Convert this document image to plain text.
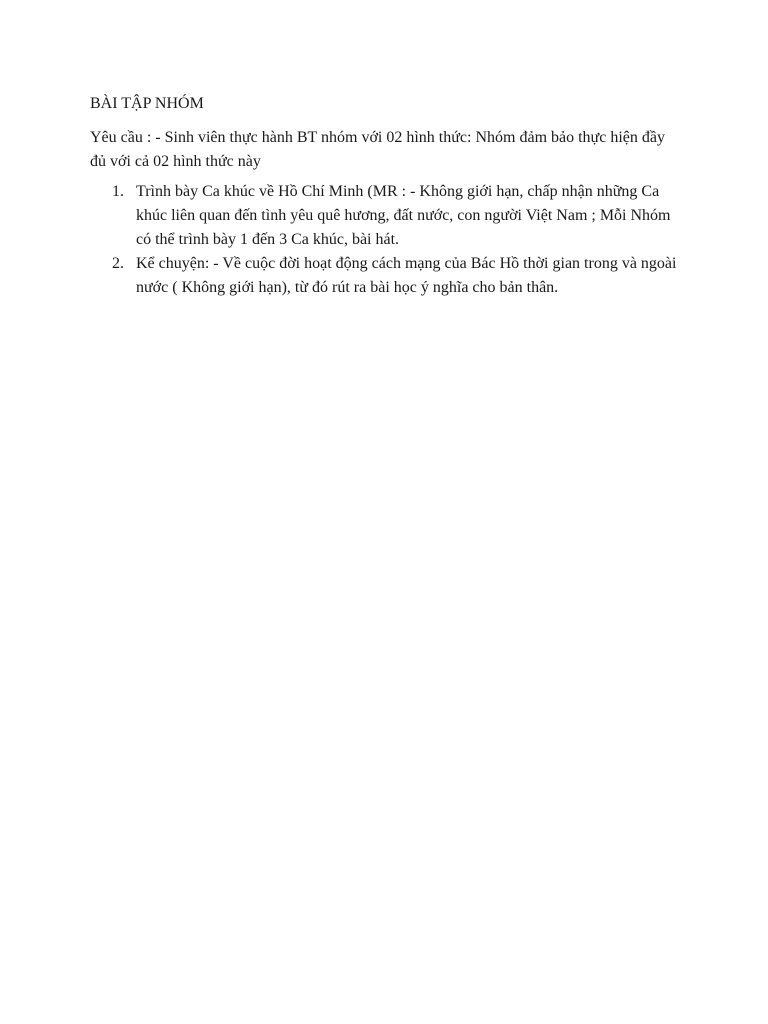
BÀI TẬP NHÓM

Yêu cầu : - Sinh viên thực hành BT nhóm với 02 hình thức: Nhóm đảm bảo thực hiện đầy đủ với cả 02 hình thức này

1. Trình bày Ca khúc về Hồ Chí Minh (MR : - Không giới hạn, chấp nhận những Ca khúc liên quan đến tình yêu quê hương, đất nước, con người Việt Nam ; Mỗi Nhóm có thể trình bày 1 đến 3 Ca khúc, bài hát.
2. Kể chuyện: - Về cuộc đời hoạt động cách mạng của Bác Hồ thời gian trong và ngoài nước ( Không giới hạn), từ đó rút ra bài học ý nghĩa cho bản thân.
